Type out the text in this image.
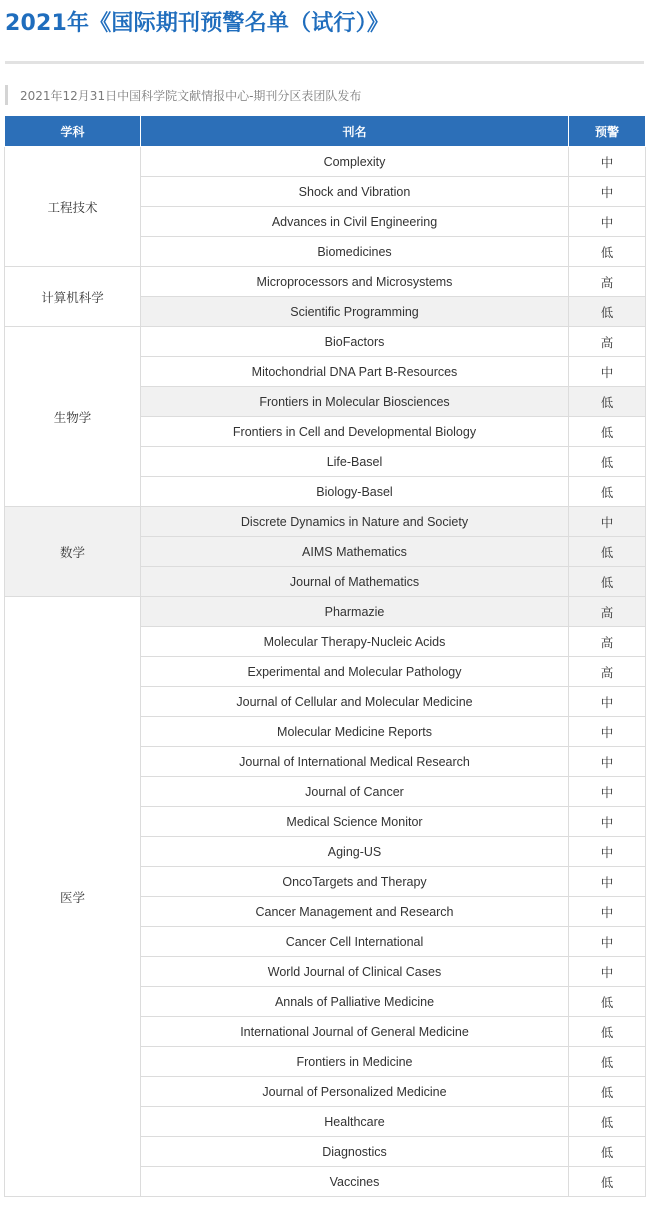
2021年《国际期刊预警名单（试行）》
2021年12月31日中国科学院文献情报中心-期刊分区表团队发布
学科	刊名	预警
工程技术	Complexity	中
	Shock and Vibration	中
	Advances in Civil Engineering	中
	Biomedicines	低
计算机科学	Microprocessors and Microsystems	高
	Scientific Programming	低
生物学	BioFactors	高
	Mitochondrial DNA Part B-Resources	中
	Frontiers in Molecular Biosciences	低
	Frontiers in Cell and Developmental Biology	低
	Life-Basel	低
	Biology-Basel	低
数学	Discrete Dynamics in Nature and Society	中
	AIMS Mathematics	低
	Journal of Mathematics	低
医学	Pharmazie	高
	Molecular Therapy-Nucleic Acids	高
	Experimental and Molecular Pathology	高
	Journal of Cellular and Molecular Medicine	中
	Molecular Medicine Reports	中
	Journal of International Medical Research	中
	Journal of Cancer	中
	Medical Science Monitor	中
	Aging-US	中
	OncoTargets and Therapy	中
	Cancer Management and Research	中
	Cancer Cell International	中
	World Journal of Clinical Cases	中
	Annals of Palliative Medicine	低
	International Journal of General Medicine	低
	Frontiers in Medicine	低
	Journal of Personalized Medicine	低
	Healthcare	低
	Diagnostics	低
	Vaccines	低
